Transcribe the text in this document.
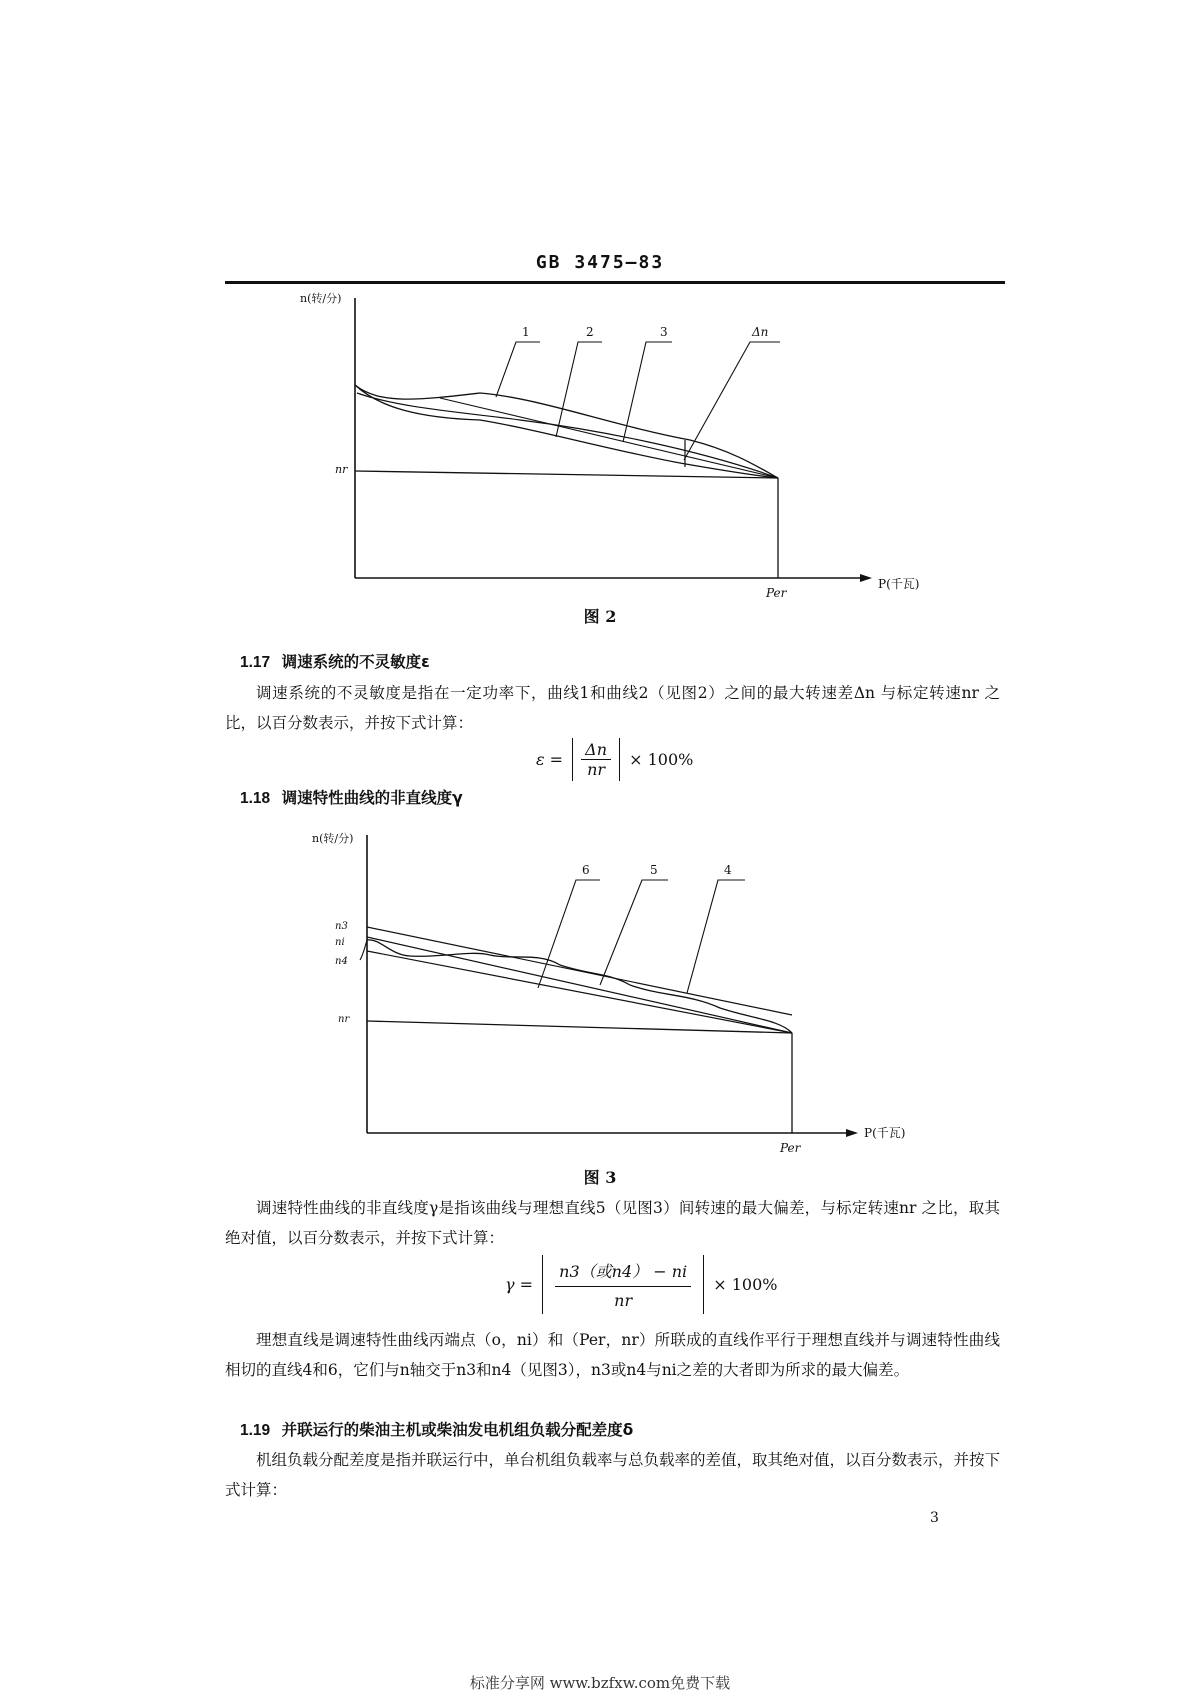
GB 3475—83
n(转/分)
P(千瓦)
nr
Per
1	2	3	Δn
图 2
1.17 调速系统的不灵敏度ε
调速系统的不灵敏度是指在一定功率下，曲线1和曲线2（见图2）之间的最大转速差Δn 与标定转速nr 之比，以百分数表示，并按下式计算：
$\varepsilon = \frac{\Delta n}{nr} \times 100\%$
1.18 调速特性曲线的非直线度γ
n(转/分)
P(千瓦)
n3
ni
n4
nr
Per
6	5	4
图 3
调速特性曲线的非直线度γ是指该曲线与理想直线5（见图3）间转速的最大偏差，与标定转速nr 之比，取其绝对值，以百分数表示，并按下式计算：
γ =
n3（或n4） − ni
nr
× 100%
理想直线是调速特性曲线丙端点（o，ni）和（Per，nr）所联成的直线作平行于理想直线并与调速特性曲线相切的直线4和6，它们与n轴交于n3和n4（见图3），n3或n4与ni之差的大者即为所求的最大偏差。
1.19 并联运行的柴油主机或柴油发电机组负载分配差度δ
机组负载分配差度是指并联运行中，单台机组负载率与总负载率的差值，取其绝对值，以百分数表示，并按下式计算：
3
标准分享网 www.bzfxw.com免费下载
